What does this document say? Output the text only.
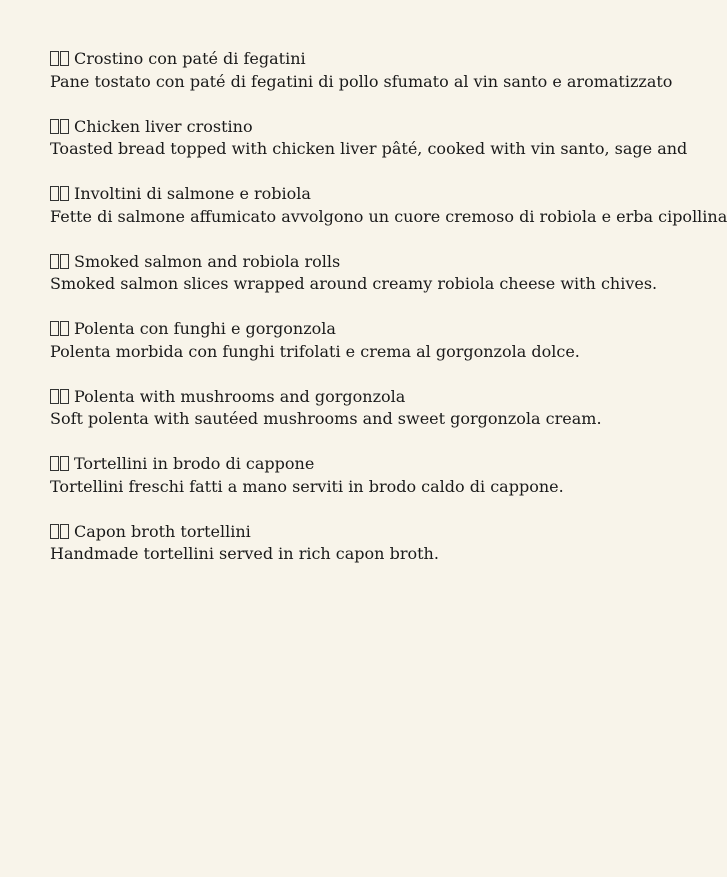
Crostino con paté di fegatini
Pane tostato con paté di fegatini di pollo sfumato al vin santo e aromatizzato
Chicken liver crostino
Toasted bread topped with chicken liver pâté, cooked with vin santo, sage and
Involtini di salmone e robiola
Fette di salmone affumicato avvolgono un cuore cremoso di robiola e erba cipollina
Smoked salmon and robiola rolls
Smoked salmon slices wrapped around creamy robiola cheese with chives.
Polenta con funghi e gorgonzola
Polenta morbida con funghi trifolati e crema al gorgonzola dolce.
Polenta with mushrooms and gorgonzola
Soft polenta with sautéed mushrooms and sweet gorgonzola cream.
Tortellini in brodo di cappone
Tortellini freschi fatti a mano serviti in brodo caldo di cappone.
Capon broth tortellini
Handmade tortellini served in rich capon broth.
